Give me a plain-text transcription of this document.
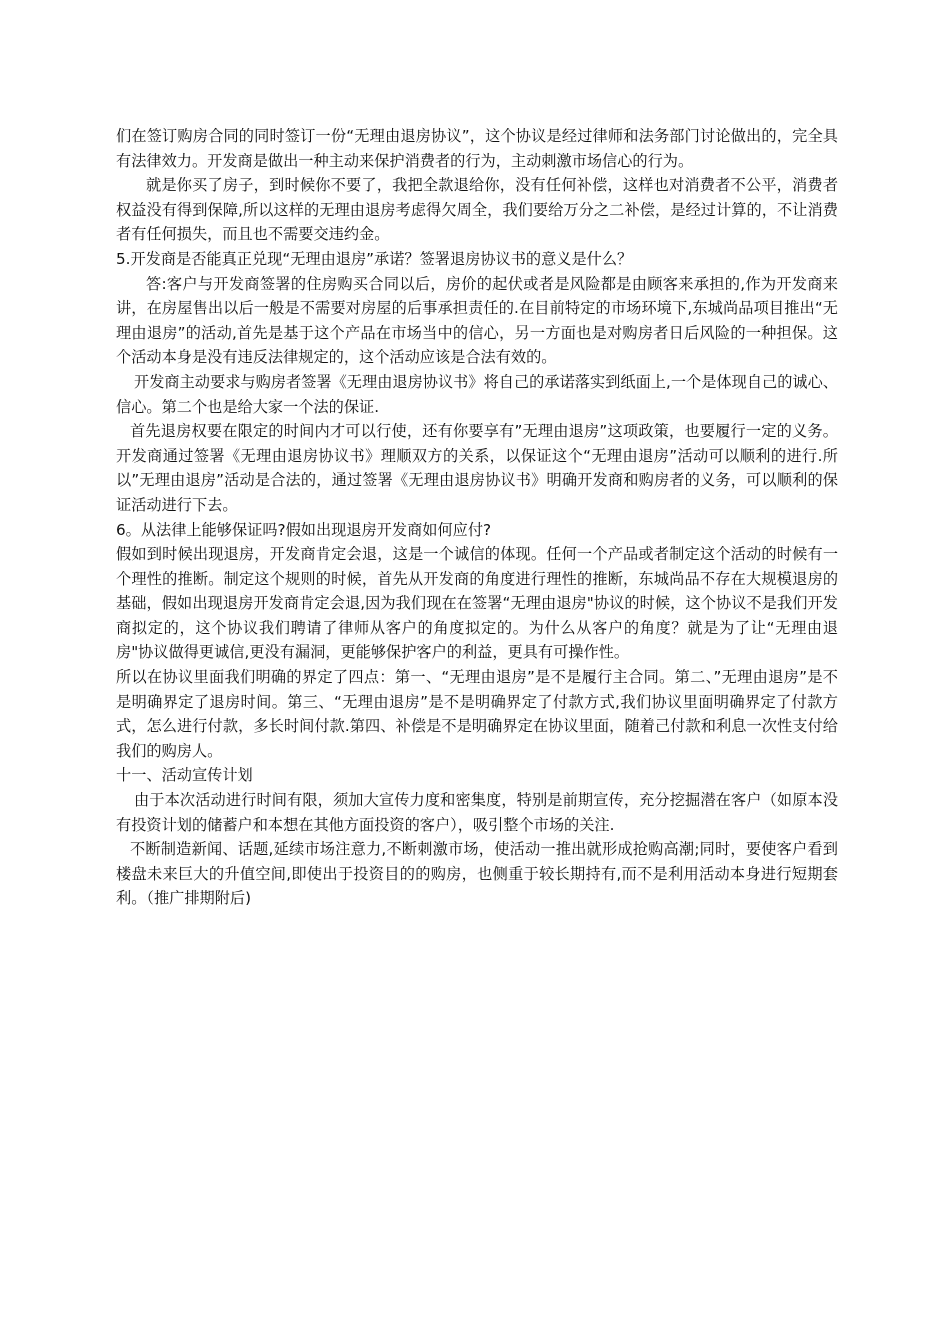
们在签订购房合同的同时签订一份“无理由退房协议”，这个协议是经过律师和法务部门讨论做出的，完全具有法律效力。开发商是做出一种主动来保护消费者的行为，主动刺激市场信心的行为。

就是你买了房子，到时候你不要了，我把全款退给你，没有任何补偿，这样也对消费者不公平，消费者权益没有得到保障,所以这样的无理由退房考虑得欠周全，我们要给万分之二补偿，是经过计算的，不让消费者有任何损失，而且也不需要交违约金。

5.开发商是否能真正兑现“无理由退房”承诺？签署退房协议书的意义是什么？

答:客户与开发商签署的住房购买合同以后，房价的起伏或者是风险都是由顾客来承担的,作为开发商来讲，在房屋售出以后一般是不需要对房屋的后事承担责任的.在目前特定的市场环境下,东城尚品项目推出“无理由退房”的活动,首先是基于这个产品在市场当中的信心，另一方面也是对购房者日后风险的一种担保。这个活动本身是没有违反法律规定的，这个活动应该是合法有效的。

开发商主动要求与购房者签署《无理由退房协议书》将自己的承诺落实到纸面上,一个是体现自己的诚心、信心。第二个也是给大家一个法的保证.

首先退房权要在限定的时间内才可以行使，还有你要享有”无理由退房”这项政策，也要履行一定的义务。开发商通过签署《无理由退房协议书》理顺双方的关系，以保证这个“无理由退房”活动可以顺利的进行.所以”无理由退房”活动是合法的，通过签署《无理由退房协议书》明确开发商和购房者的义务，可以顺利的保证活动进行下去。

6。从法律上能够保证吗?假如出现退房开发商如何应付?

假如到时候出现退房，开发商肯定会退，这是一个诚信的体现。任何一个产品或者制定这个活动的时候有一个理性的推断。制定这个规则的时候，首先从开发商的角度进行理性的推断，东城尚品不存在大规模退房的基础，假如出现退房开发商肯定会退,因为我们现在在签署“无理由退房"协议的时候，这个协议不是我们开发商拟定的，这个协议我们聘请了律师从客户的角度拟定的。为什么从客户的角度？就是为了让“无理由退房"协议做得更诚信,更没有漏洞，更能够保护客户的利益，更具有可操作性。

所以在协议里面我们明确的界定了四点：第一、“无理由退房”是不是履行主合同。第二、”无理由退房”是不是明确界定了退房时间。第三、“无理由退房”是不是明确界定了付款方式,我们协议里面明确界定了付款方式，怎么进行付款，多长时间付款.第四、补偿是不是明确界定在协议里面，随着己付款和利息一次性支付给我们的购房人。

十一、活动宣传计划

由于本次活动进行时间有限，须加大宣传力度和密集度，特别是前期宣传，充分挖掘潜在客户（如原本没有投资计划的储蓄户和本想在其他方面投资的客户），吸引整个市场的关注.

不断制造新闻、话题,延续市场注意力,不断刺激市场，使活动一推出就形成抢购高潮;同时，要使客户看到楼盘未来巨大的升值空间,即使出于投资目的的购房，也侧重于较长期持有,而不是利用活动本身进行短期套利。（推广排期附后)
